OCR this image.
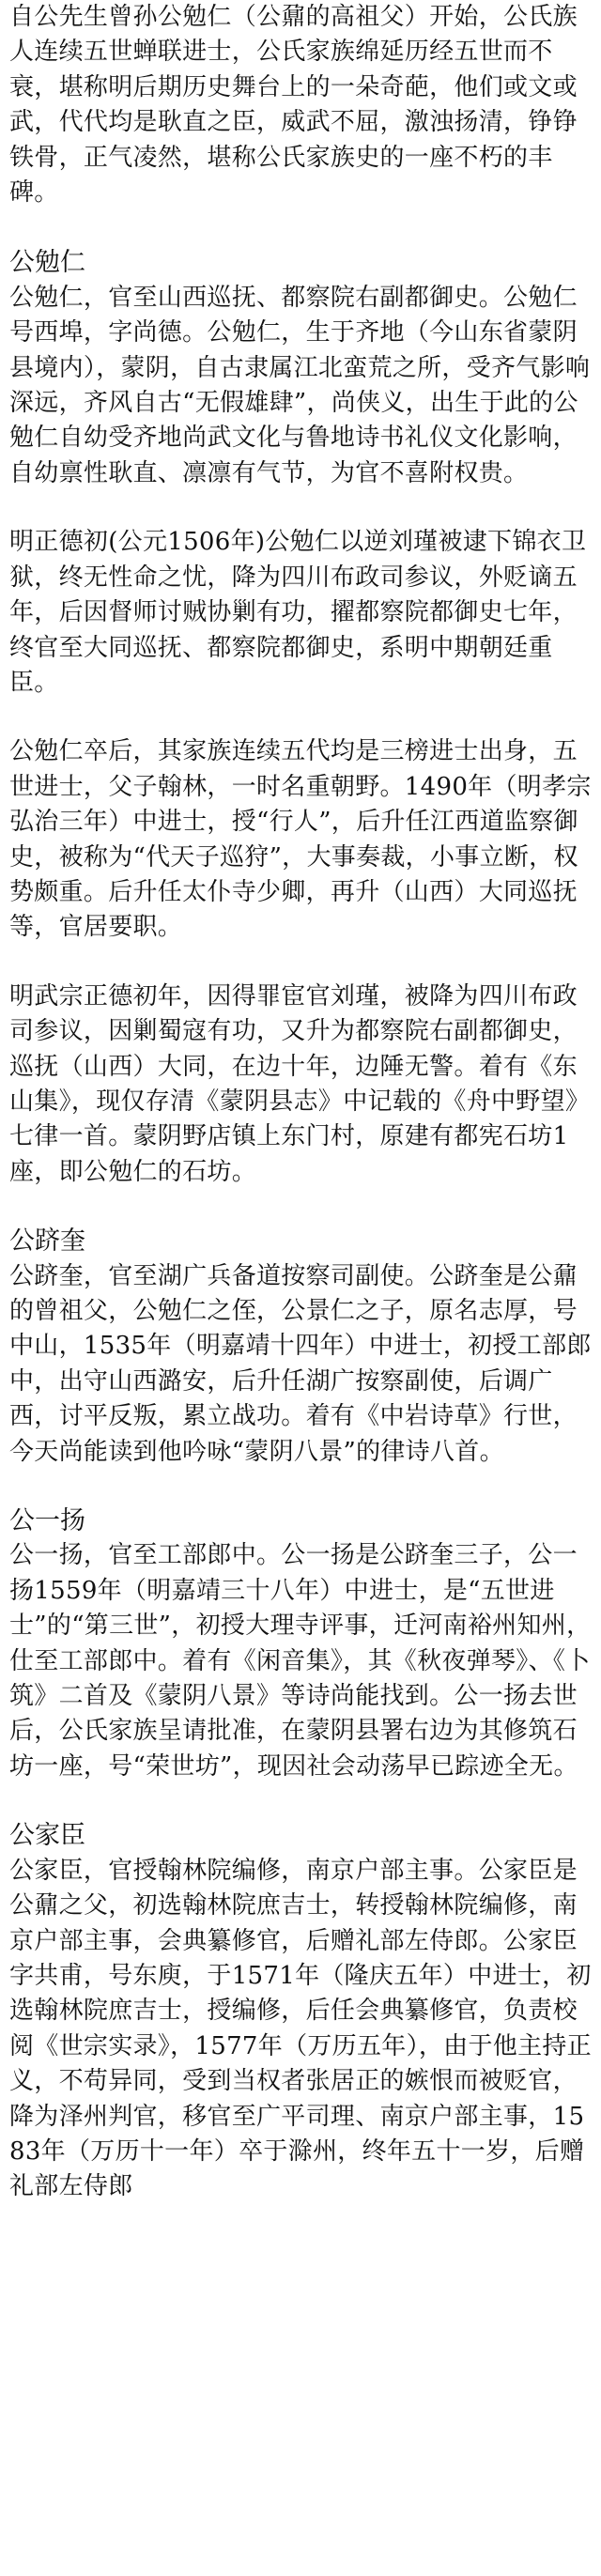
自公先生曾孙公勉仁（公鼐的高祖父）开始，公氏族人连续五世蝉联进士，公氏家族绵延历经五世而不衰，堪称明后期历史舞台上的一朵奇葩，他们或文或武，代代均是耿直之臣，威武不屈，激浊扬清，铮铮铁骨，正气凌然，堪称公氏家族史的一座不朽的丰碑。

公勉仁

公勉仁，官至山西巡抚、都察院右副都御史。公勉仁号西埠，字尚德。公勉仁，生于齐地（今山东省蒙阴县境内），蒙阴，自古隶属江北蛮荒之所，受齐气影响深远，齐风自古“无假雄肆”，尚侠义，出生于此的公勉仁自幼受齐地尚武文化与鲁地诗书礼仪文化影响，自幼禀性耿直、凛凛有气节，为官不喜附权贵。

明正德初(公元1506年)公勉仁以逆刘瑾被逮下锦衣卫狱，终无性命之忧，降为四川布政司参议，外贬谪五年，后因督师讨贼协剿有功，擢都察院都御史七年，终官至大同巡抚、都察院都御史，系明中期朝廷重臣。

公勉仁卒后，其家族连续五代均是三榜进士出身，五世进士，父子翰林，一时名重朝野。1490年（明孝宗弘治三年）中进士，授“行人”，后升任江西道监察御史，被称为“代天子巡狩”，大事奏裁，小事立断，权势颇重。后升任太仆寺少卿，再升（山西）大同巡抚等，官居要职。

明武宗正德初年，因得罪宦官刘瑾，被降为四川布政司参议，因剿蜀寇有功，又升为都察院右副都御史，巡抚（山西）大同，在边十年，边陲无警。着有《东山集》，现仅存清《蒙阴县志》中记载的《舟中野望》七律一首。蒙阴野店镇上东门村，原建有都宪石坊1座，即公勉仁的石坊。

公跻奎

公跻奎，官至湖广兵备道按察司副使。公跻奎是公鼐的曾祖父，公勉仁之侄，公景仁之子，原名志厚，号中山，1535年（明嘉靖十四年）中进士，初授工部郎中，出守山西潞安，后升任湖广按察副使，后调广西，讨平反叛，累立战功。着有《中岩诗草》行世，今天尚能读到他吟咏“蒙阴八景”的律诗八首。

公一扬

公一扬，官至工部郎中。公一扬是公跻奎三子，公一扬1559年（明嘉靖三十八年）中进士，是“五世进士”的“第三世”，初授大理寺评事，迁河南裕州知州，仕至工部郎中。着有《闲音集》，其《秋夜弹琴》、《卜筑》二首及《蒙阴八景》等诗尚能找到。公一扬去世后，公氏家族呈请批准，在蒙阴县署右边为其修筑石坊一座，号“荣世坊”，现因社会动荡早已踪迹全无。

公家臣

公家臣，官授翰林院编修，南京户部主事。公家臣是公鼐之父，初选翰林院庶吉士，转授翰林院编修，南京户部主事，会典纂修官，后赠礼部左侍郎。公家臣字共甫，号东庾，于1571年（隆庆五年）中进士，初选翰林院庶吉士，授编修，后任会典纂修官，负责校阅《世宗实录》，1577年（万历五年），由于他主持正义，不苟异同，受到当权者张居正的嫉恨而被贬官，降为泽州判官，移官至广平司理、南京户部主事，1583年（万历十一年）卒于滁州，终年五十一岁，后赠礼部左侍郎
